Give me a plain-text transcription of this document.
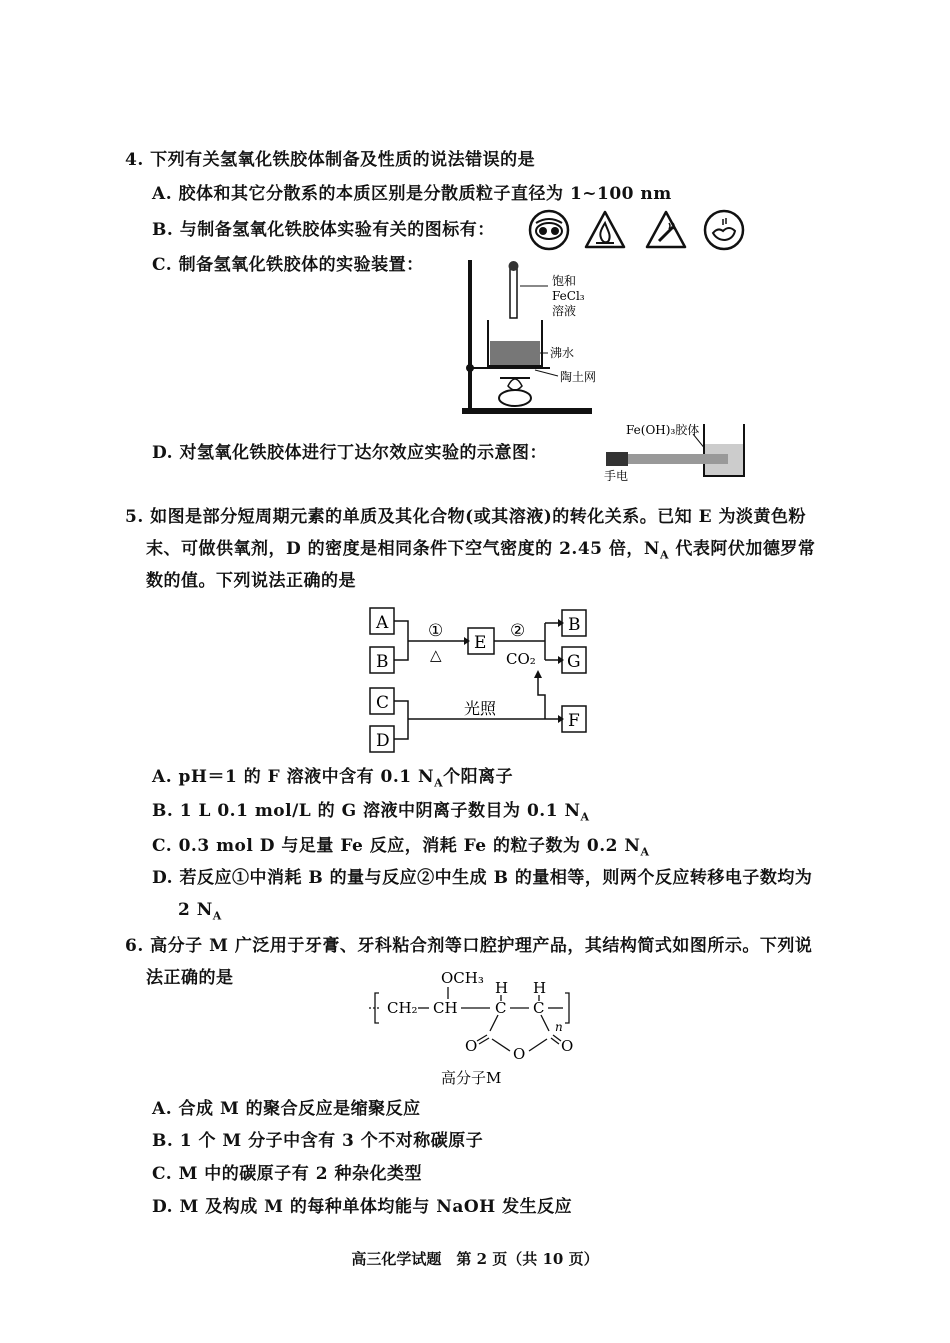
4. 下列有关氢氧化铁胶体制备及性质的说法错误的是
A. 胶体和其它分散系的本质区别是分散质粒子直径为 1~100 nm
B. 与制备氢氧化铁胶体实验有关的图标有：
C. 制备氢氧化铁胶体的实验装置：
饱和
FeCl₃
溶液
沸水
陶土网
D. 对氢氧化铁胶体进行丁达尔效应实验的示意图：
Fe(OH)₃胶体
手电
5. 如图是部分短周期元素的单质及其化合物(或其溶液)的转化关系。已知 E 为淡黄色粉
末、可做供氧剂，D 的密度是相同条件下空气密度的 2.45 倍，$N_A$ 代表阿伏加德罗常
数的值。下列说法正确的是
A
B
C
D
E
B
G
F
①
△
②
CO₂
光照
A. pH＝1 的 F 溶液中含有 0.1 $N_A$个阳离子
B. 1 L 0.1 mol/L 的 G 溶液中阴离子数目为 0.1 $N_A$
C. 0.3 mol D 与足量 Fe 反应，消耗 Fe 的粒子数为 0.2 $N_A$
D. 若反应①中消耗 B 的量与反应②中生成 B 的量相等，则两个反应转移电子数均为
2 $N_A$
6. 高分子 M 广泛用于牙膏、牙科粘合剂等口腔护理产品，其结构简式如图所示。下列说
法正确的是	OCH₃
CH₂ CH C C
H H
O	O
O
n
高分子M
A. 合成 M 的聚合反应是缩聚反应
B. 1 个 M 分子中含有 3 个不对称碳原子
C. M 中的碳原子有 2 种杂化类型
D. M 及构成 M 的每种单体均能与 NaOH 发生反应
高三化学试题　第 2 页（共 10 页）
